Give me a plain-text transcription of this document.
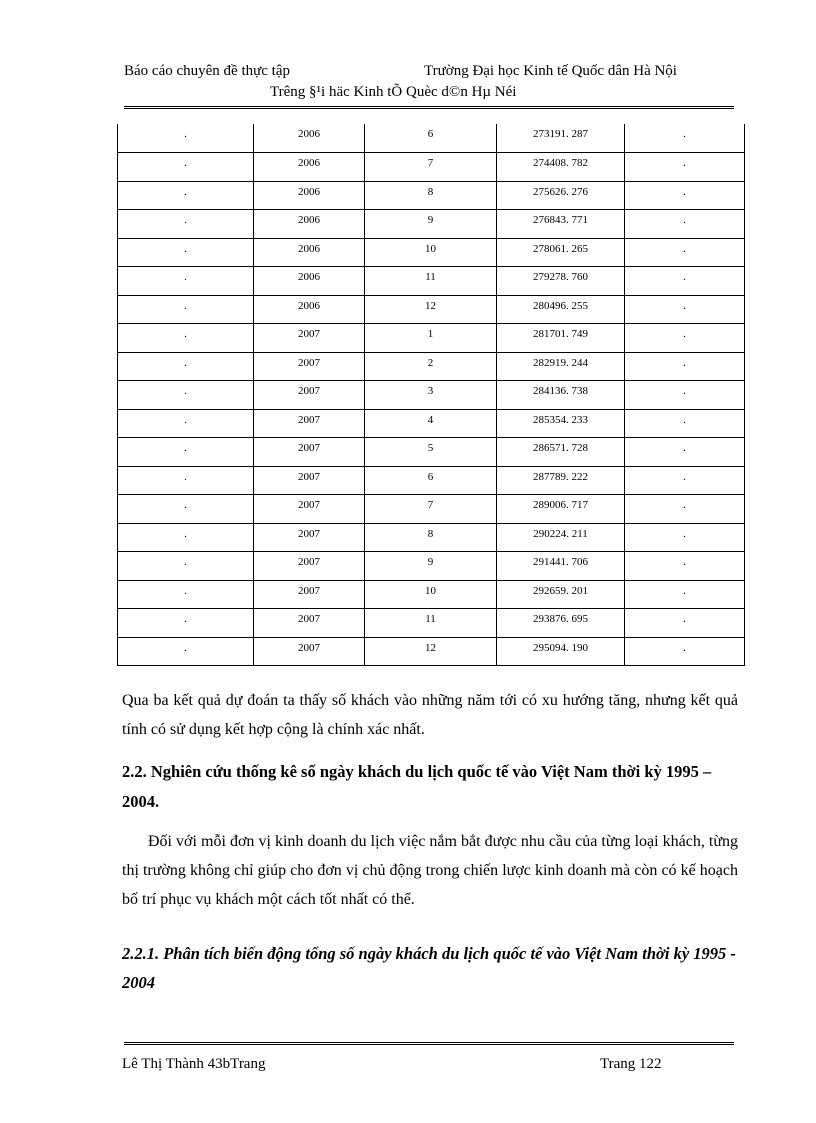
Báo cáo chuyên đề thực tập	Trường Đại học Kinh tế Quốc dân Hà Nội
Trêng §¹i häc Kinh tÕ Quèc d©n Hµ Néi
.	2006	6	273191. 287	.
.	2006	7	274408. 782	.
.	2006	8	275626. 276	.
.	2006	9	276843. 771	.
.	2006	10	278061. 265	.
.	2006	11	279278. 760	.
.	2006	12	280496. 255	.
.	2007	1	281701. 749	.
.	2007	2	282919. 244	.
.	2007	3	284136. 738	.
.	2007	4	285354. 233	.
.	2007	5	286571. 728	.
.	2007	6	287789. 222	.
.	2007	7	289006. 717	.
.	2007	8	290224. 211	.
.	2007	9	291441. 706	.
.	2007	10	292659. 201	.
.	2007	11	293876. 695	.
.	2007	12	295094. 190	.
Qua ba kết quả dự đoán ta thấy số khách vào những năm tới có xu hướng tăng, nhưng kết quả tính có sử dụng kết hợp cộng là chính xác nhất.
2.2. Nghiên cứu thống kê số ngày khách du lịch quốc tế vào Việt Nam thời kỳ 1995 – 2004.
Đối với mỗi đơn vị kinh doanh du lịch việc nắm bắt được nhu cầu của từng loại khách, từng thị trường không chỉ giúp cho đơn vị chủ động trong chiến lược kinh doanh mà còn có kế hoạch bố trí phục vụ khách một cách tốt nhất có thể.
2.2.1. Phân tích biến động tổng số ngày khách du lịch quốc tế vào Việt Nam thời kỳ 1995 - 2004
Lê Thị Thành 43bTrang	Trang 122
